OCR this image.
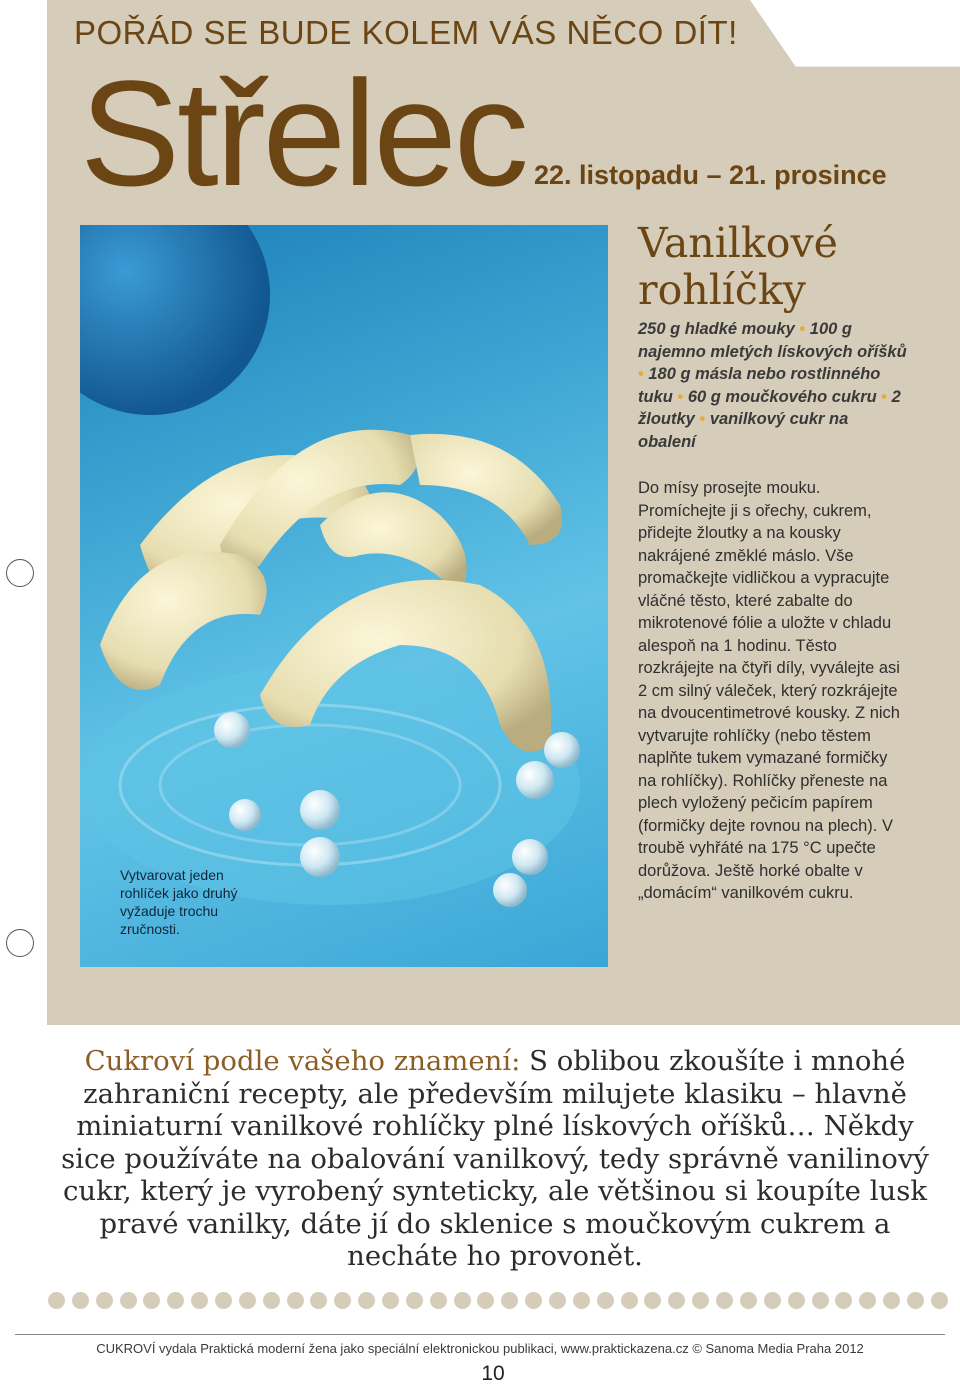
POŘÁD SE BUDE KOLEM VÁS NĚCO DÍT!
Střelec 22. listopadu – 21. prosince
Vytvarovat jeden rohlíček jako druhý vyžaduje trochu zručnosti.
Vanilkové rohlíčky
250 g hladké mouky • 100 g najemno mletých lískových oříšků • 180 g másla nebo rostlinného tuku • 60 g moučkového cukru • 2 žloutky • vanilkový cukr na obalení
Do mísy prosejte mouku. Promíchejte ji s ořechy, cukrem, přidejte žloutky a na kousky nakrájené změklé máslo. Vše promačkejte vidličkou a vypracujte vláčné těsto, které zabalte do mikrotenové fólie a uložte v chladu alespoň na 1 hodinu. Těsto rozkrájejte na čtyři díly, vyválejte asi 2 cm silný váleček, který rozkrájejte na dvoucentimetrové kousky. Z nich vytvarujte rohlíčky (nebo těstem naplňte tukem vymazané formičky na rohlíčky). Rohlíčky přeneste na plech vyložený pečicím papírem (formičky dejte rovnou na plech). V troubě vyhřáté na 175 °C upečte dorůžova. Ještě horké obalte v „domácím“ vanilkovém cukru.
Cukroví podle vašeho znamení: S oblibou zkoušíte i mnohé zahraniční recepty, ale především milujete klasiku – hlavně miniaturní vanilkové rohlíčky plné lískových oříšků… Někdy sice používáte na obalování vanilkový, tedy správně vanilinový cukr, který je vyrobený synteticky, ale většinou si koupíte lusk pravé vanilky, dáte jí do sklenice s moučkovým cukrem a necháte ho provonět.
CUKROVÍ vydala Praktická moderní žena jako speciální elektronickou publikaci, www.praktickazena.cz © Sanoma Media Praha 2012
10
